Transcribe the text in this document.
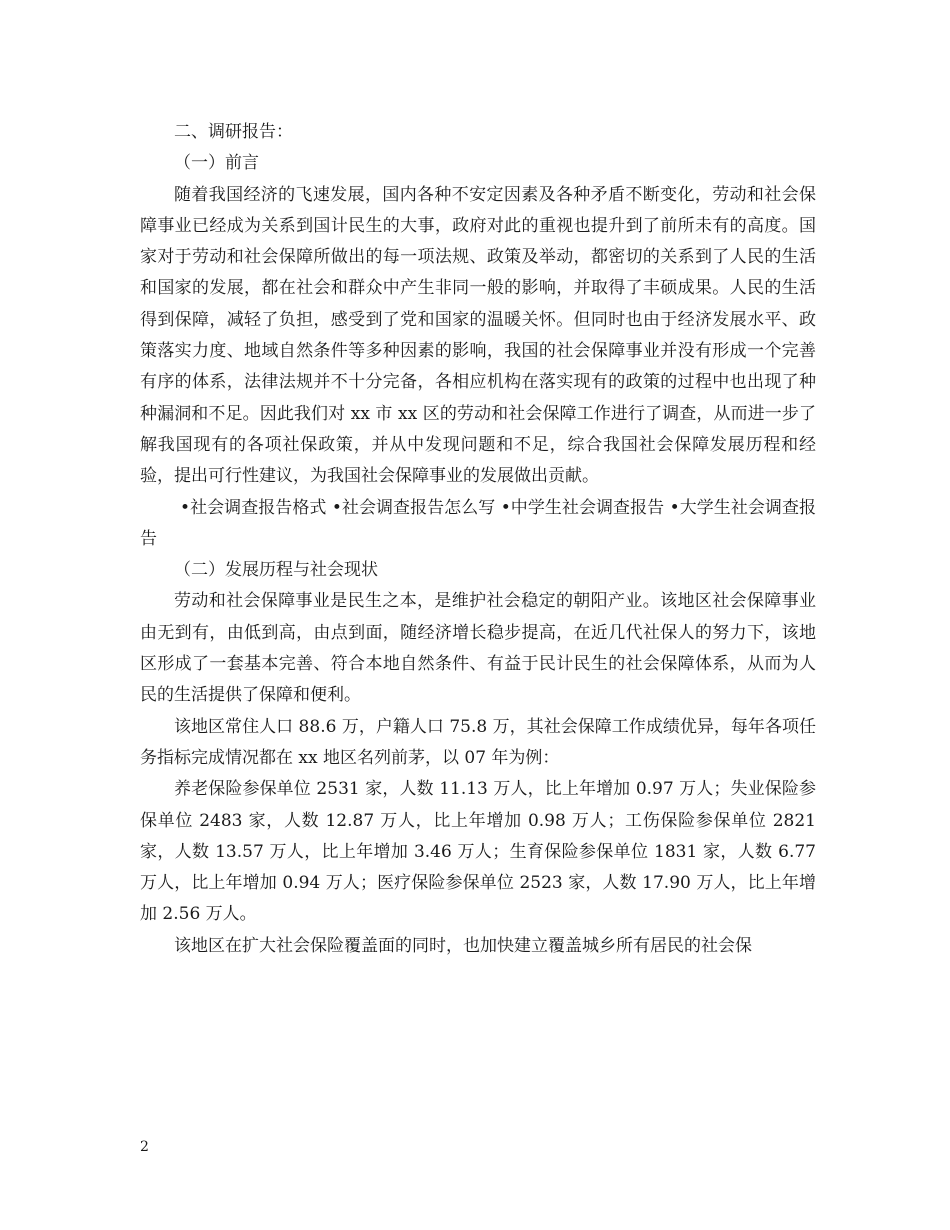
二、调研报告：

（一）前言

随着我国经济的飞速发展，国内各种不安定因素及各种矛盾不断变化，劳动和社会保障事业已经成为关系到国计民生的大事，政府对此的重视也提升到了前所未有的高度。国家对于劳动和社会保障所做出的每一项法规、政策及举动，都密切的关系到了人民的生活和国家的发展，都在社会和群众中产生非同一般的影响，并取得了丰硕成果。人民的生活得到保障，减轻了负担，感受到了党和国家的温暖关怀。但同时也由于经济发展水平、政策落实力度、地域自然条件等多种因素的影响，我国的社会保障事业并没有形成一个完善有序的体系，法律法规并不十分完备，各相应机构在落实现有的政策的过程中也出现了种种漏洞和不足。因此我们对 xx 市 xx 区的劳动和社会保障工作进行了调查，从而进一步了解我国现有的各项社保政策，并从中发现问题和不足，综合我国社会保障发展历程和经验，提出可行性建议，为我国社会保障事业的发展做出贡献。

•社会调查报告格式 •社会调查报告怎么写 •中学生社会调查报告 •大学生社会调查报告

（二）发展历程与社会现状

劳动和社会保障事业是民生之本，是维护社会稳定的朝阳产业。该地区社会保障事业由无到有，由低到高，由点到面，随经济增长稳步提高，在近几代社保人的努力下，该地区形成了一套基本完善、符合本地自然条件、有益于民计民生的社会保障体系，从而为人民的生活提供了保障和便利。

该地区常住人口 88.6 万，户籍人口 75.8 万，其社会保障工作成绩优异，每年各项任务指标完成情况都在 xx 地区名列前茅，以 07 年为例：

养老保险参保单位 2531 家，人数 11.13 万人，比上年增加 0.97 万人；失业保险参保单位 2483 家，人数 12.87 万人，比上年增加 0.98 万人；工伤保险参保单位 2821 家，人数 13.57 万人，比上年增加 3.46 万人；生育保险参保单位 1831 家，人数 6.77 万人，比上年增加 0.94 万人；医疗保险参保单位 2523 家，人数 17.90 万人，比上年增加 2.56 万人。

该地区在扩大社会保险覆盖面的同时，也加快建立覆盖城乡所有居民的社会保

2
